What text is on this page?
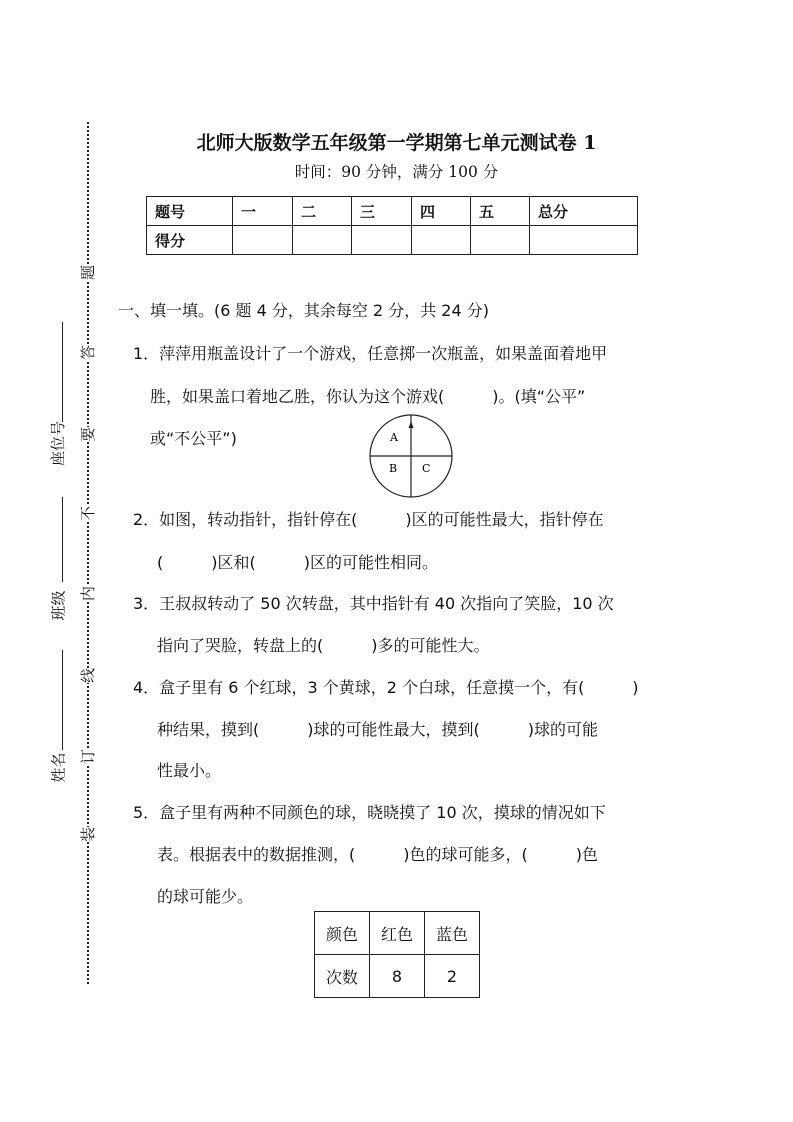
座位号
班级
姓名
题
答
要
不
内
线
订
装
北师大版数学五年级第一学期第七单元测试卷 1
时间：90 分钟，满分 100 分
题号	一	二	三	四	五	总分
得分						
一、填一填。(6 题 4 分，其余每空 2 分，共 24 分)
1．萍萍用瓶盖设计了一个游戏，任意掷一次瓶盖，如果盖面着地甲
胜，如果盖口着地乙胜，你认为这个游戏(　　　)。(填“公平”
或“不公平”)	A
B C
2．如图，转动指针，指针停在(　　　)区的可能性最大，指针停在
(　　　)区和(　　　)区的可能性相同。
3．王叔叔转动了 50 次转盘，其中指针有 40 次指向了笑脸，10 次
指向了哭脸，转盘上的(　　　)多的可能性大。
4．盒子里有 6 个红球，3 个黄球，2 个白球，任意摸一个，有(　　　)
种结果，摸到(　　　)球的可能性最大，摸到(　　　)球的可能
性最小。
5．盒子里有两种不同颜色的球，晓晓摸了 10 次，摸球的情况如下
表。根据表中的数据推测，(　　　)色的球可能多，(　　　)色
的球可能少。
颜色	红色	蓝色
次数	8	2
